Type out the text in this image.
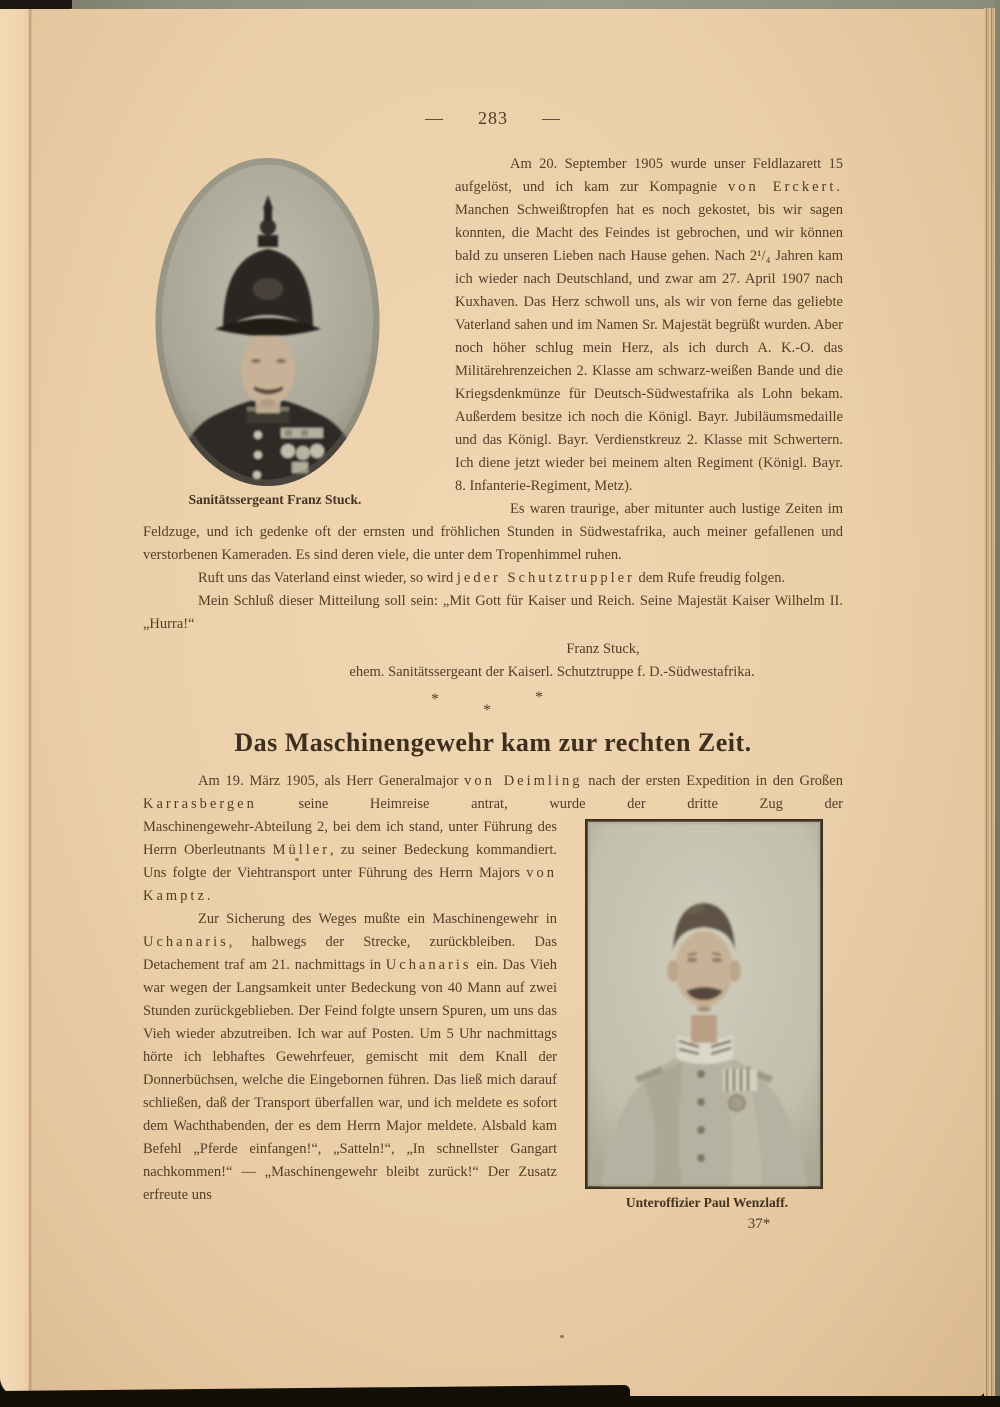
— 283 —
Sanitätssergeant Franz Stuck.

Am 20. September 1905 wurde unser Feldlazarett 15 aufgelöst, und ich kam zur Kompagnie von Erckert. Manchen Schweißtropfen hat es noch gekostet, bis wir sagen konnten, die Macht des Feindes ist gebrochen, und wir können bald zu unseren Lieben nach Hause gehen. Nach 2¹/₄ Jahren kam ich wieder nach Deutschland, und zwar am 27. April 1907 nach Kuxhaven. Das Herz schwoll uns, als wir von ferne das geliebte Vaterland sahen und im Namen Sr. Majestät begrüßt wurden. Aber noch höher schlug mein Herz, als ich durch A. K.-O. das Militärehrenzeichen 2. Klasse am schwarz-weißen Bande und die Kriegsdenkmünze für Deutsch-Südwestafrika als Lohn bekam. Außerdem besitze ich noch die Königl. Bayr. Jubiläumsmedaille und das Königl. Bayr. Verdienstkreuz 2. Klasse mit Schwertern. Ich diene jetzt wieder bei meinem alten Regiment (Königl. Bayr. 8. Infanterie-Regiment, Metz).

Es waren traurige, aber mitunter auch lustige Zeiten im Feldzuge, und ich gedenke oft der ernsten und fröhlichen Stunden in Südwestafrika, auch meiner gefallenen und verstorbenen Kameraden. Es sind deren viele, die unter dem Tropenhimmel ruhen.

Ruft uns das Vaterland einst wieder, so wird jeder Schutztruppler dem Rufe freudig folgen.

Mein Schluß dieser Mitteilung soll sein: „Mit Gott für Kaiser und Reich. Seine Majestät Kaiser Wilhelm II. „Hurra!“

Franz Stuck,
ehem. Sanitätssergeant der Kaiserl. Schutztruppe f. D.-Südwestafrika.
*	*
*
Das Maschinengewehr kam zur rechten Zeit.

Am 19. März 1905, als Herr Generalmajor von Deimling nach der ersten Expedition in den Großen Karrasbergen seine Heimreise antrat, wurde der dritte Zug der

Unteroffizier Paul Wenzlaff.
37*

Maschinengewehr-Abteilung 2, bei dem ich stand, unter Führung des Herrn Oberleutnants Müller, zu seiner Bedeckung kommandiert. Uns folgte der Viehtransport unter Führung des Herrn Majors von Kamptz.

Zur Sicherung des Weges mußte ein Maschinengewehr in Uchanaris, halbwegs der Strecke, zurückbleiben. Das Detachement traf am 21. nachmittags in Uchanaris ein. Das Vieh war wegen der Langsamkeit unter Bedeckung von 40 Mann auf zwei Stunden zurückgeblieben. Der Feind folgte unsern Spuren, um uns das Vieh wieder abzutreiben. Ich war auf Posten. Um 5 Uhr nachmittags hörte ich lebhaftes Gewehrfeuer, gemischt mit dem Knall der Donnerbüchsen, welche die Eingebornen führen. Das ließ mich darauf schließen, daß der Transport überfallen war, und ich meldete es sofort dem Wachthabenden, der es dem Herrn Major meldete. Alsbald kam Befehl „Pferde einfangen!“, „Satteln!“, „In schnellster Gangart nachkommen!“ — „Maschinengewehr bleibt zurück!“ Der Zusatz erfreute uns
